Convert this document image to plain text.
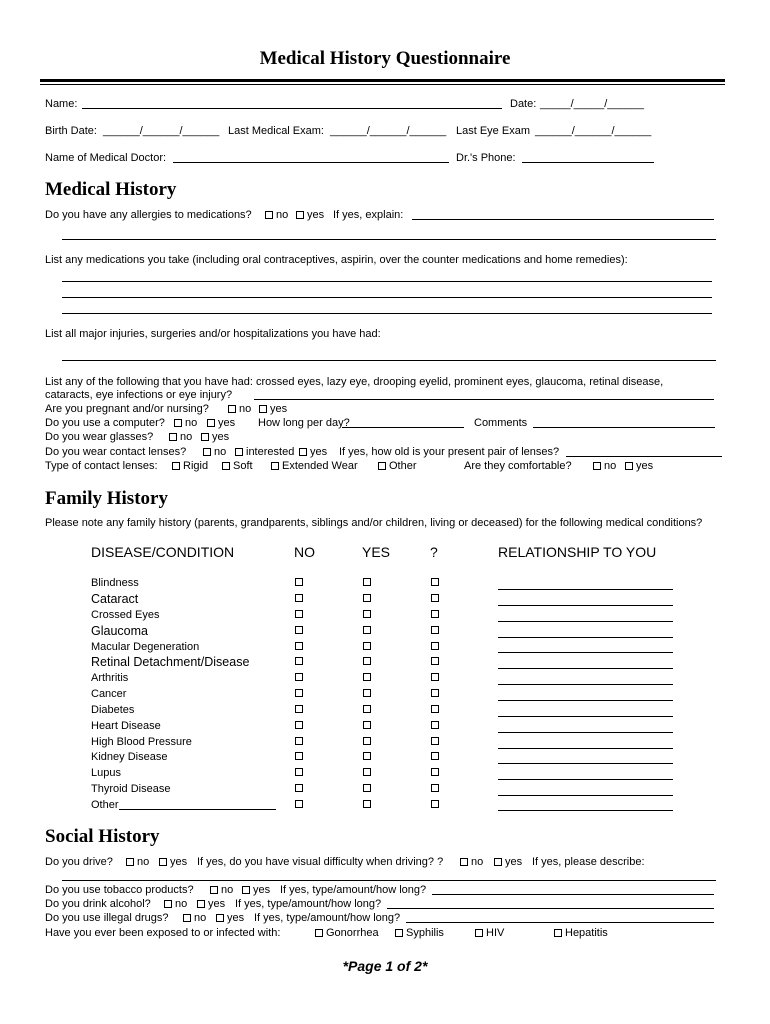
Medical History Questionnaire
Name:	Date: _____/_____/______
Birth Date: ______/______/______ Last Medical Exam: ______/______/______ Last Eye Exam ______/______/______
Name of Medical Doctor:	Dr.'s Phone:
Medical History
Do you have any allergies to medications?	no	yes If yes, explain:
List any medications you take (including oral contraceptives, aspirin, over the counter medications and home remedies):
List all major injuries, surgeries and/or hospitalizations you have had:
List any of the following that you have had: crossed eyes, lazy eye, drooping eyelid, prominent eyes, glaucoma, retinal disease,
cataracts, eye infections or eye injury?
Are you pregnant and/or nursing?	no	yes
Do you use a computer?	no	yes How long per day?	Comments
Do you wear glasses?	no	yes
Do you wear contact lenses?	no	interested	yes If yes, how old is your present pair of lenses?
Type of contact lenses:	Rigid	Soft	Extended Wear	Other	Are they comfortable?	no	yes
Family History
Please note any family history (parents, grandparents, siblings and/or children, living or deceased) for the following medical conditions?
DISEASE/CONDITION	NO	YES	?	RELATIONSHIP TO YOU
Blindness
Cataract
Crossed Eyes
Glaucoma
Macular Degeneration
Retinal Detachment/Disease
Arthritis
Cancer
Diabetes
Heart Disease
High Blood Pressure
Kidney Disease
Lupus
Thyroid Disease
Other
Social History
Do you drive?	no	yes If yes, do you have visual difficulty when driving? ?	no	yes If yes, please describe:
Do you use tobacco products?	no	yes If yes, type/amount/how long?
Do you drink alcohol?	no	yes If yes, type/amount/how long?
Do you use illegal drugs?	no	yes If yes, type/amount/how long?
Have you ever been exposed to or infected with:	Gonorrhea	Syphilis	HIV	Hepatitis
*Page 1 of 2*
